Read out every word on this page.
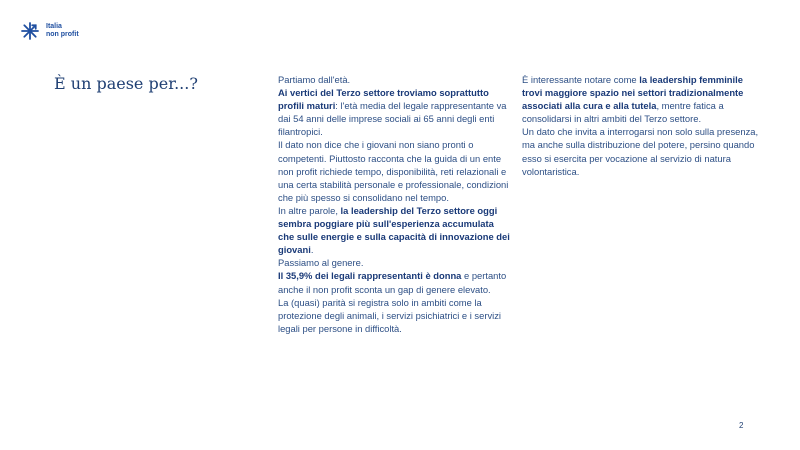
Italia
non profit
È un paese per...?	Partiamo dall'età.

Ai vertici del Terzo settore troviamo soprattutto profili maturi: l'età media del legale rappresentante va dai 54 anni delle imprese sociali ai 65 anni degli enti filantropici.

Il dato non dice che i giovani non siano pronti o competenti. Piuttosto racconta che la guida di un ente non profit richiede tempo, disponibilità, reti relazionali e una certa stabilità personale e professionale, condizioni che più spesso si consolidano nel tempo.

In altre parole, la leadership del Terzo settore oggi sembra poggiare più sull'esperienza accumulata che sulle energie e sulla capacità di innovazione dei giovani.

Passiamo al genere.

Il 35,9% dei legali rappresentanti è donna e pertanto anche il non profit sconta un gap di genere elevato.

La (quasi) parità si registra solo in ambiti come la protezione degli animali, i servizi psichiatrici e i servizi legali per persone in difficoltà.

È interessante notare come la leadership femminile trovi maggiore spazio nei settori tradizionalmente associati alla cura e alla tutela, mentre fatica a consolidarsi in altri ambiti del Terzo settore.

Un dato che invita a interrogarsi non solo sulla presenza, ma anche sulla distribuzione del potere, persino quando esso si esercita per vocazione al servizio di natura volontaristica.

2
